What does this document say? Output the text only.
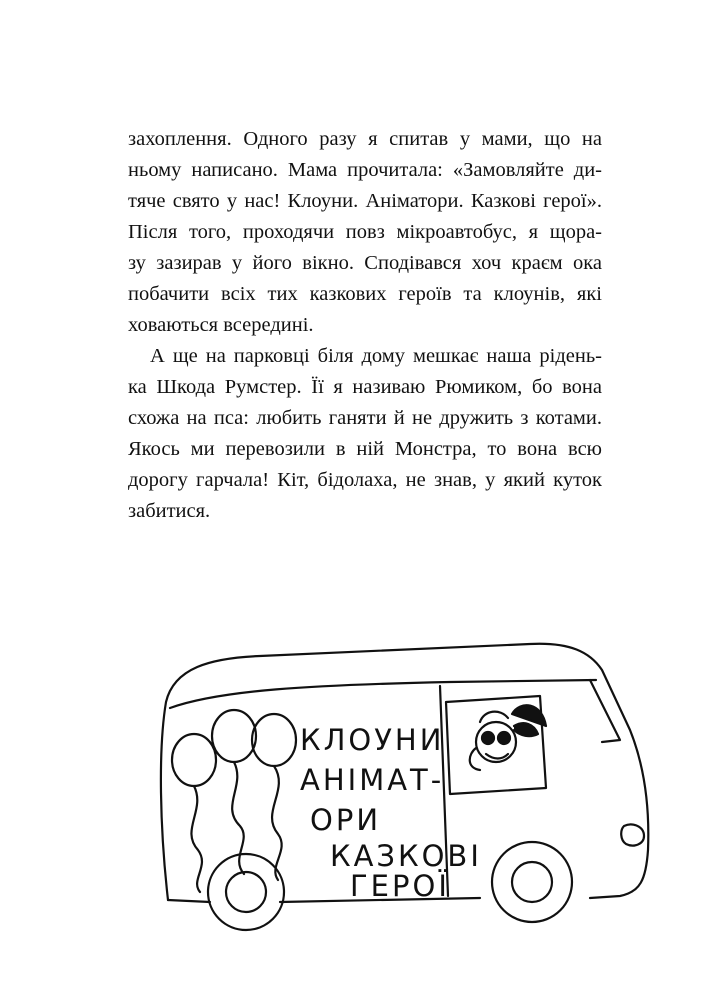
захоплення. Одного разу я спитав у мами, що на
ньому написано. Мама прочитала: «Замовляйте ди-
тяче свято у нас! Клоуни. Аніматори. Казкові герої».
Після того, проходячи повз мікроавтобус, я щора-
зу зазирав у його вікно. Сподівався хоч краєм ока
побачити всіх тих казкових героїв та клоунів, які
ховаються всередині.
А ще на парковці біля дому мешкає наша рідень-
ка Шкода Румстер. Її я називаю Рюмиком, бо вона
схожа на пса: любить ганяти й не дружить з котами.
Якось ми перевозили в ній Монстра, то вона всю
дорогу гарчала! Кіт, бідолаха, не знав, у який куток
забитися.
КЛОУНИ
АНІМАТ-
ОРИ
КАЗКОВІ
ГЕРОЇ
